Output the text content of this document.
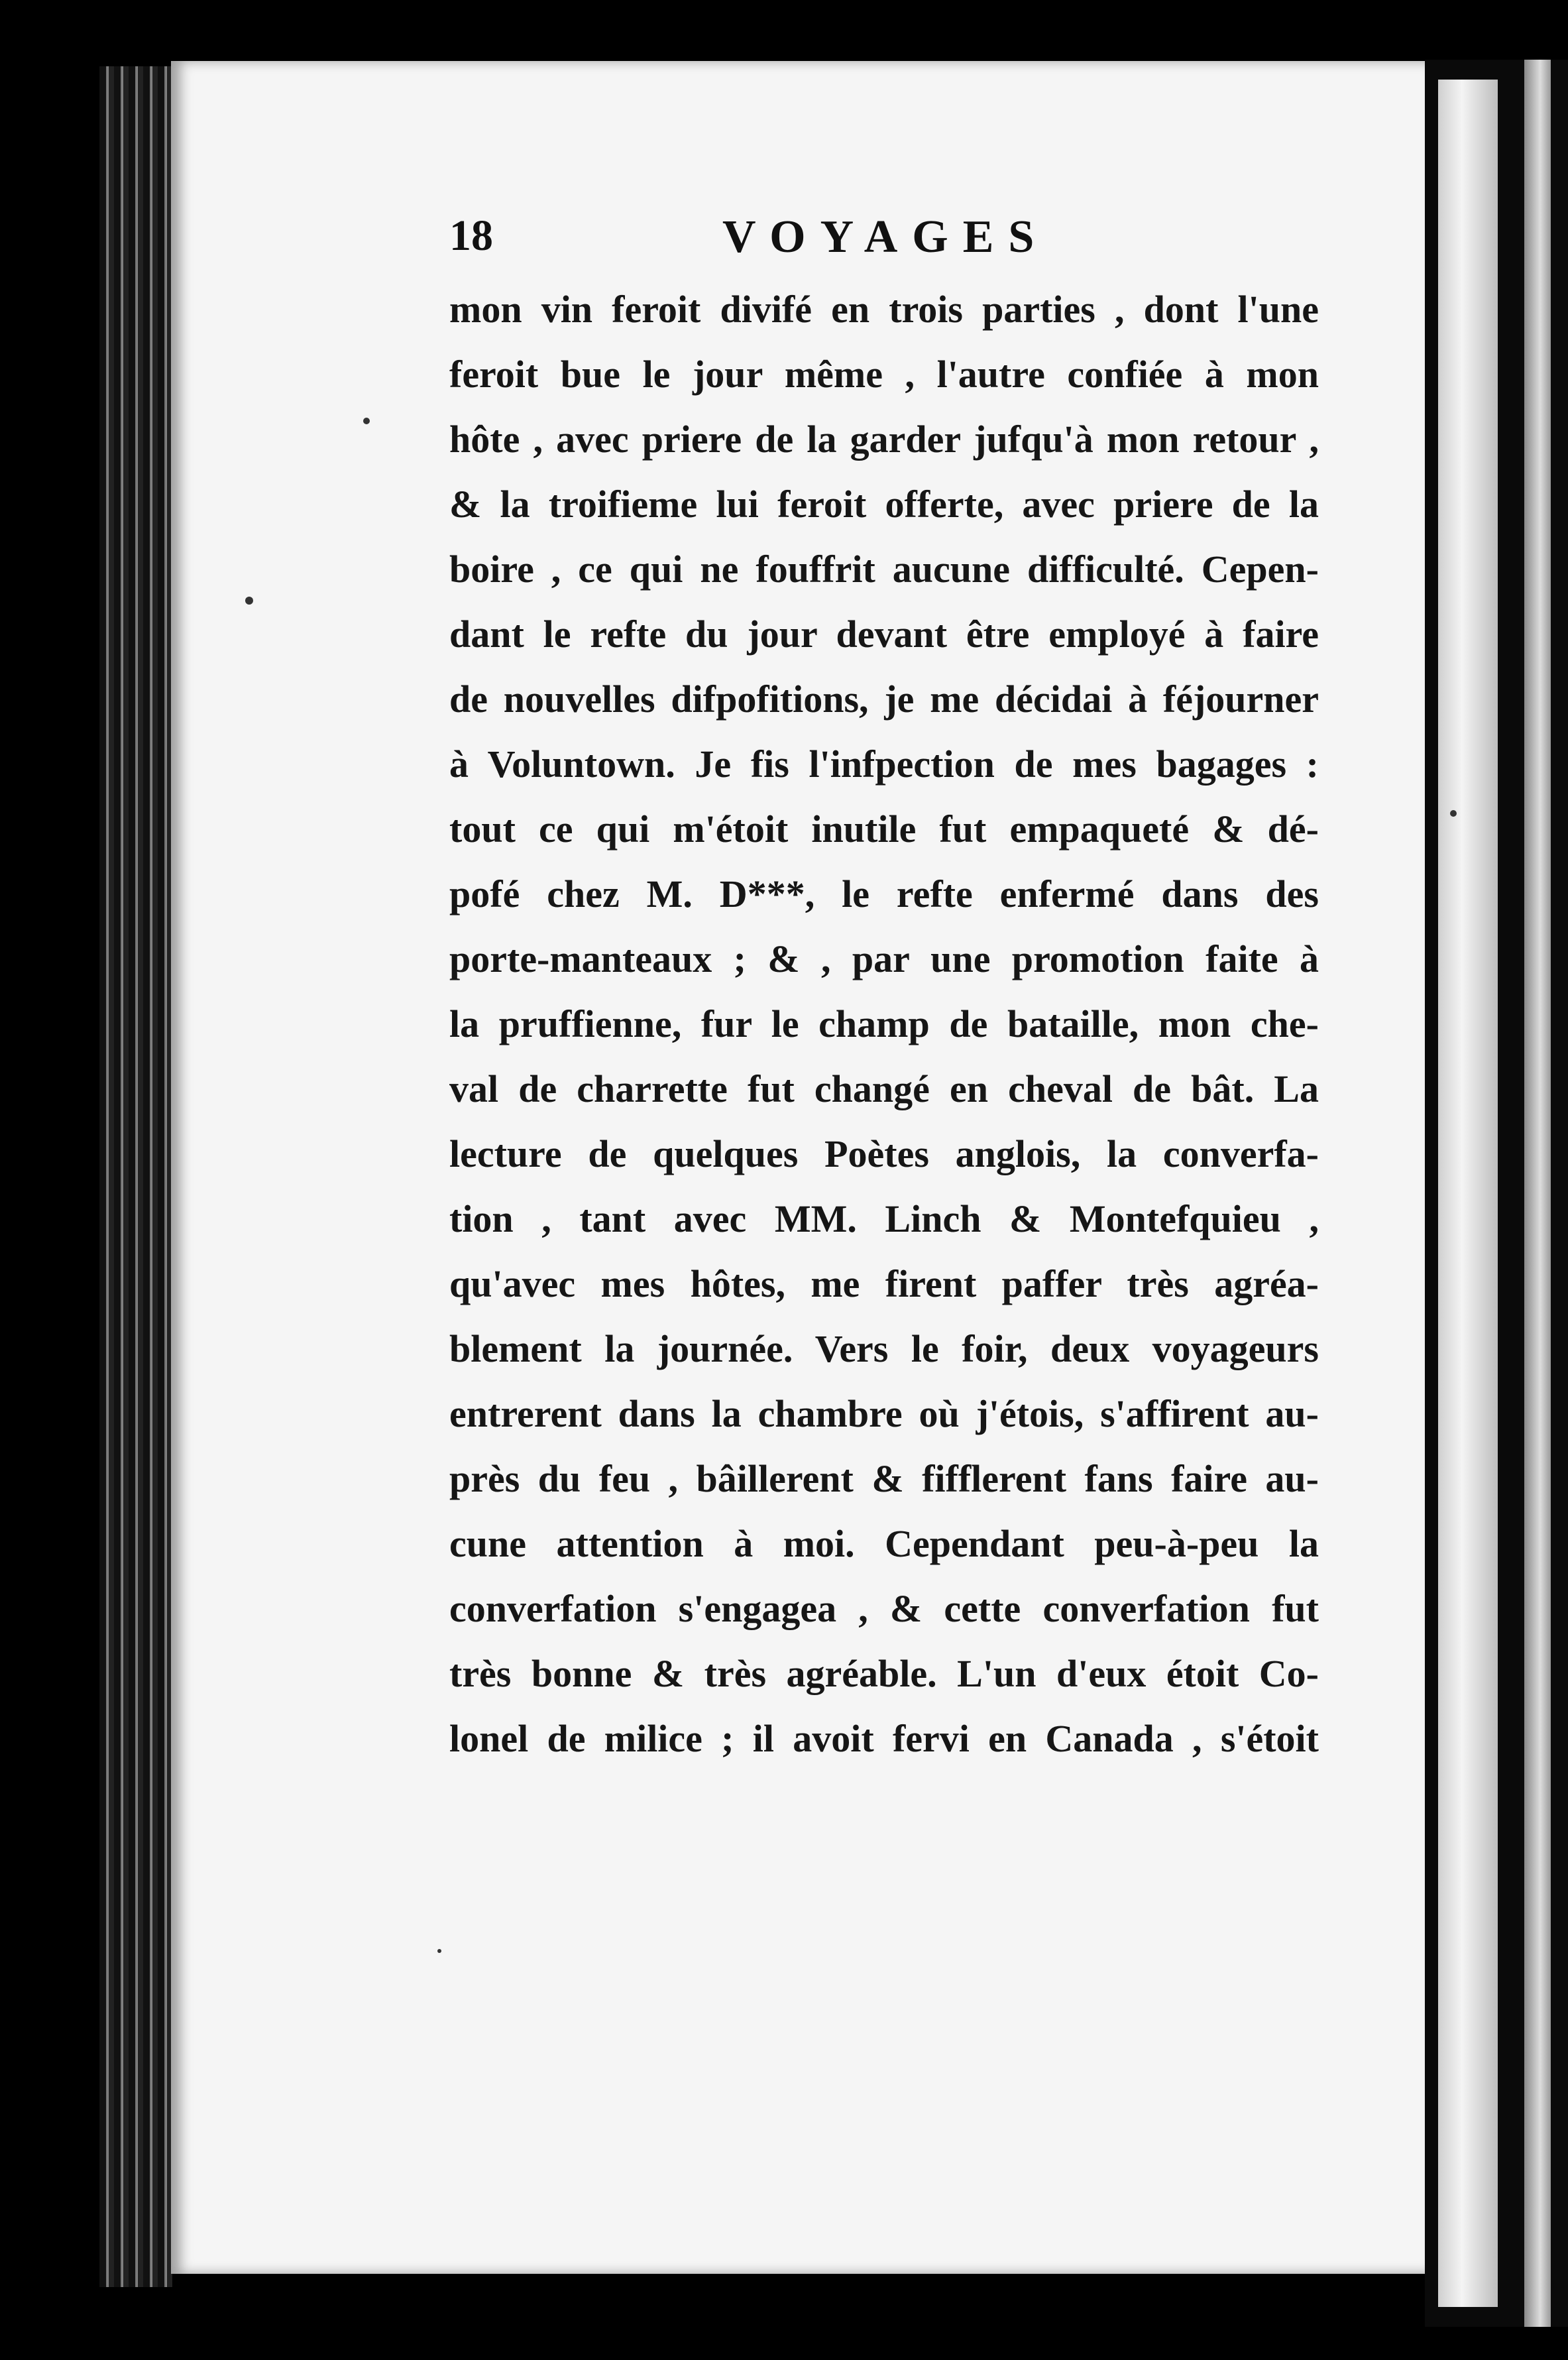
18	VOYAGES
mon vin feroit divifé en trois parties , dont l'une
feroit bue le jour même , l'autre confiée à mon
hôte , avec priere de la garder jufqu'à mon retour ,
& la troifieme lui feroit offerte, avec priere de la
boire , ce qui ne fouffrit aucune difficulté. Cepen-
dant le refte du jour devant être employé à faire
de nouvelles difpofitions, je me décidai à féjourner
à Voluntown. Je fis l'infpection de mes bagages :
tout ce qui m'étoit inutile fut empaqueté & dé-
pofé chez M. D***, le refte enfermé dans des
porte-manteaux ; & , par une promotion faite à
la pruffienne, fur le champ de bataille, mon che-
val de charrette fut changé en cheval de bât. La
lecture de quelques Poètes anglois, la converfa-
tion , tant avec MM. Linch & Montefquieu ,
qu'avec mes hôtes, me firent paffer très agréa-
blement la journée. Vers le foir, deux voyageurs
entrerent dans la chambre où j'étois, s'affirent au-
près du feu , bâillerent & fifflerent fans faire au-
cune attention à moi. Cependant peu-à-peu la
converfation s'engagea , & cette converfation fut
très bonne & très agréable. L'un d'eux étoit Co-
lonel de milice ; il avoit fervi en Canada , s'étoit
